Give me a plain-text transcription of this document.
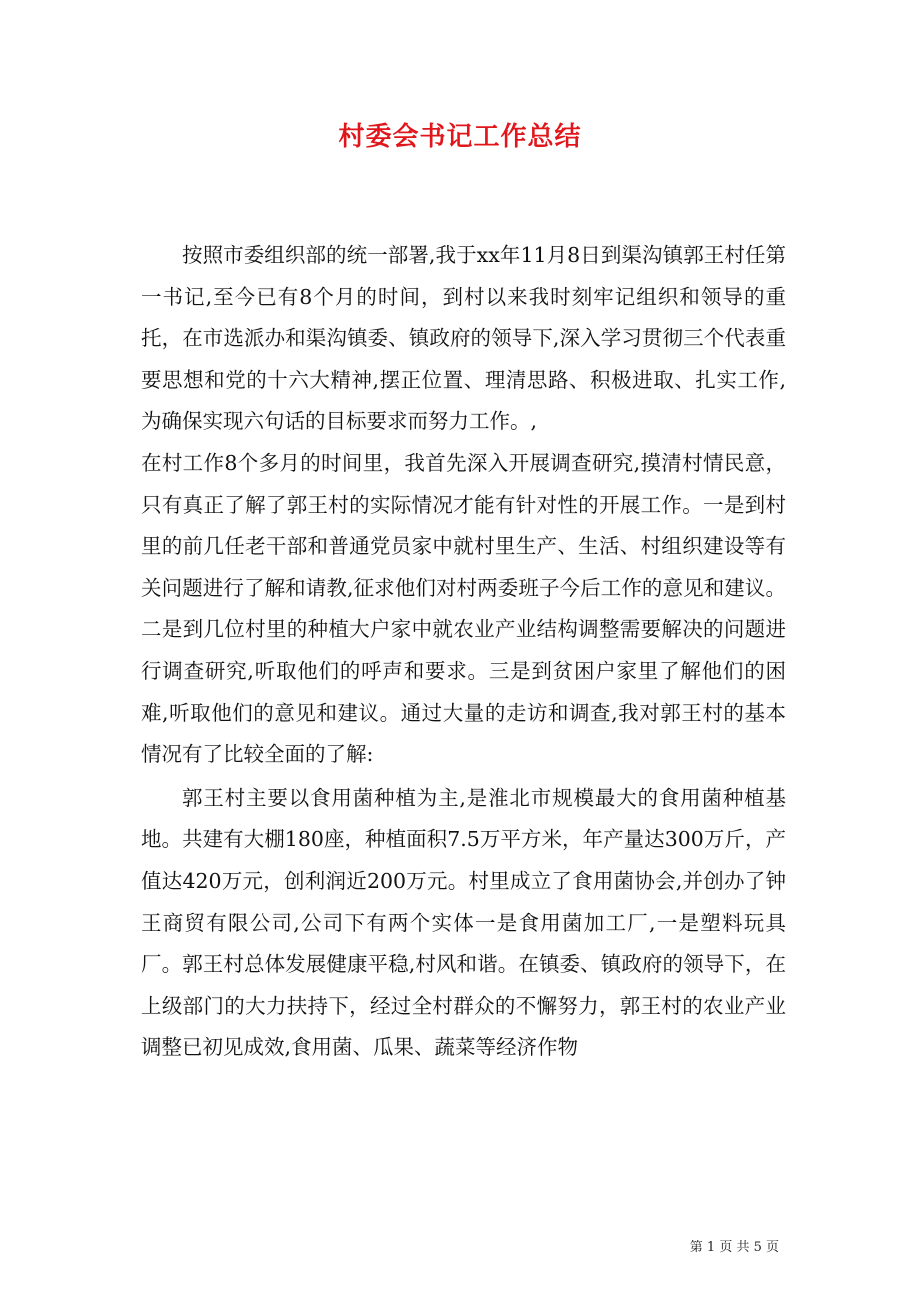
村委会书记工作总结

按照市委组织部的统一部署,我于xx年11月8日到渠沟镇郭王村任第一书记,至今已有8个月的时间，到村以来我时刻牢记组织和领导的重托，在市选派办和渠沟镇委、镇政府的领导下,深入学习贯彻三个代表重要思想和党的十六大精神,摆正位置、理清思路、积极进取、扎实工作,为确保实现六句话的目标要求而努力工作。,

在村工作8个多月的时间里，我首先深入开展调查研究,摸清村情民意，只有真正了解了郭王村的实际情况才能有针对性的开展工作。一是到村里的前几任老干部和普通党员家中就村里生产、生活、村组织建设等有关问题进行了解和请教,征求他们对村两委班子今后工作的意见和建议。二是到几位村里的种植大户家中就农业产业结构调整需要解决的问题进行调查研究,听取他们的呼声和要求。三是到贫困户家里了解他们的困难,听取他们的意见和建议。通过大量的走访和调查,我对郭王村的基本情况有了比较全面的了解:

郭王村主要以食用菌种植为主,是淮北市规模最大的食用菌种植基地。共建有大棚180座，种植面积7.5万平方米，年产量达300万斤，产值达420万元，创利润近200万元。村里成立了食用菌协会,并创办了钟王商贸有限公司,公司下有两个实体一是食用菌加工厂,一是塑料玩具厂。郭王村总体发展健康平稳,村风和谐。在镇委、镇政府的领导下，在上级部门的大力扶持下，经过全村群众的不懈努力，郭王村的农业产业调整已初见成效,食用菌、瓜果、蔬菜等经济作物

第 1 页 共 5 页
